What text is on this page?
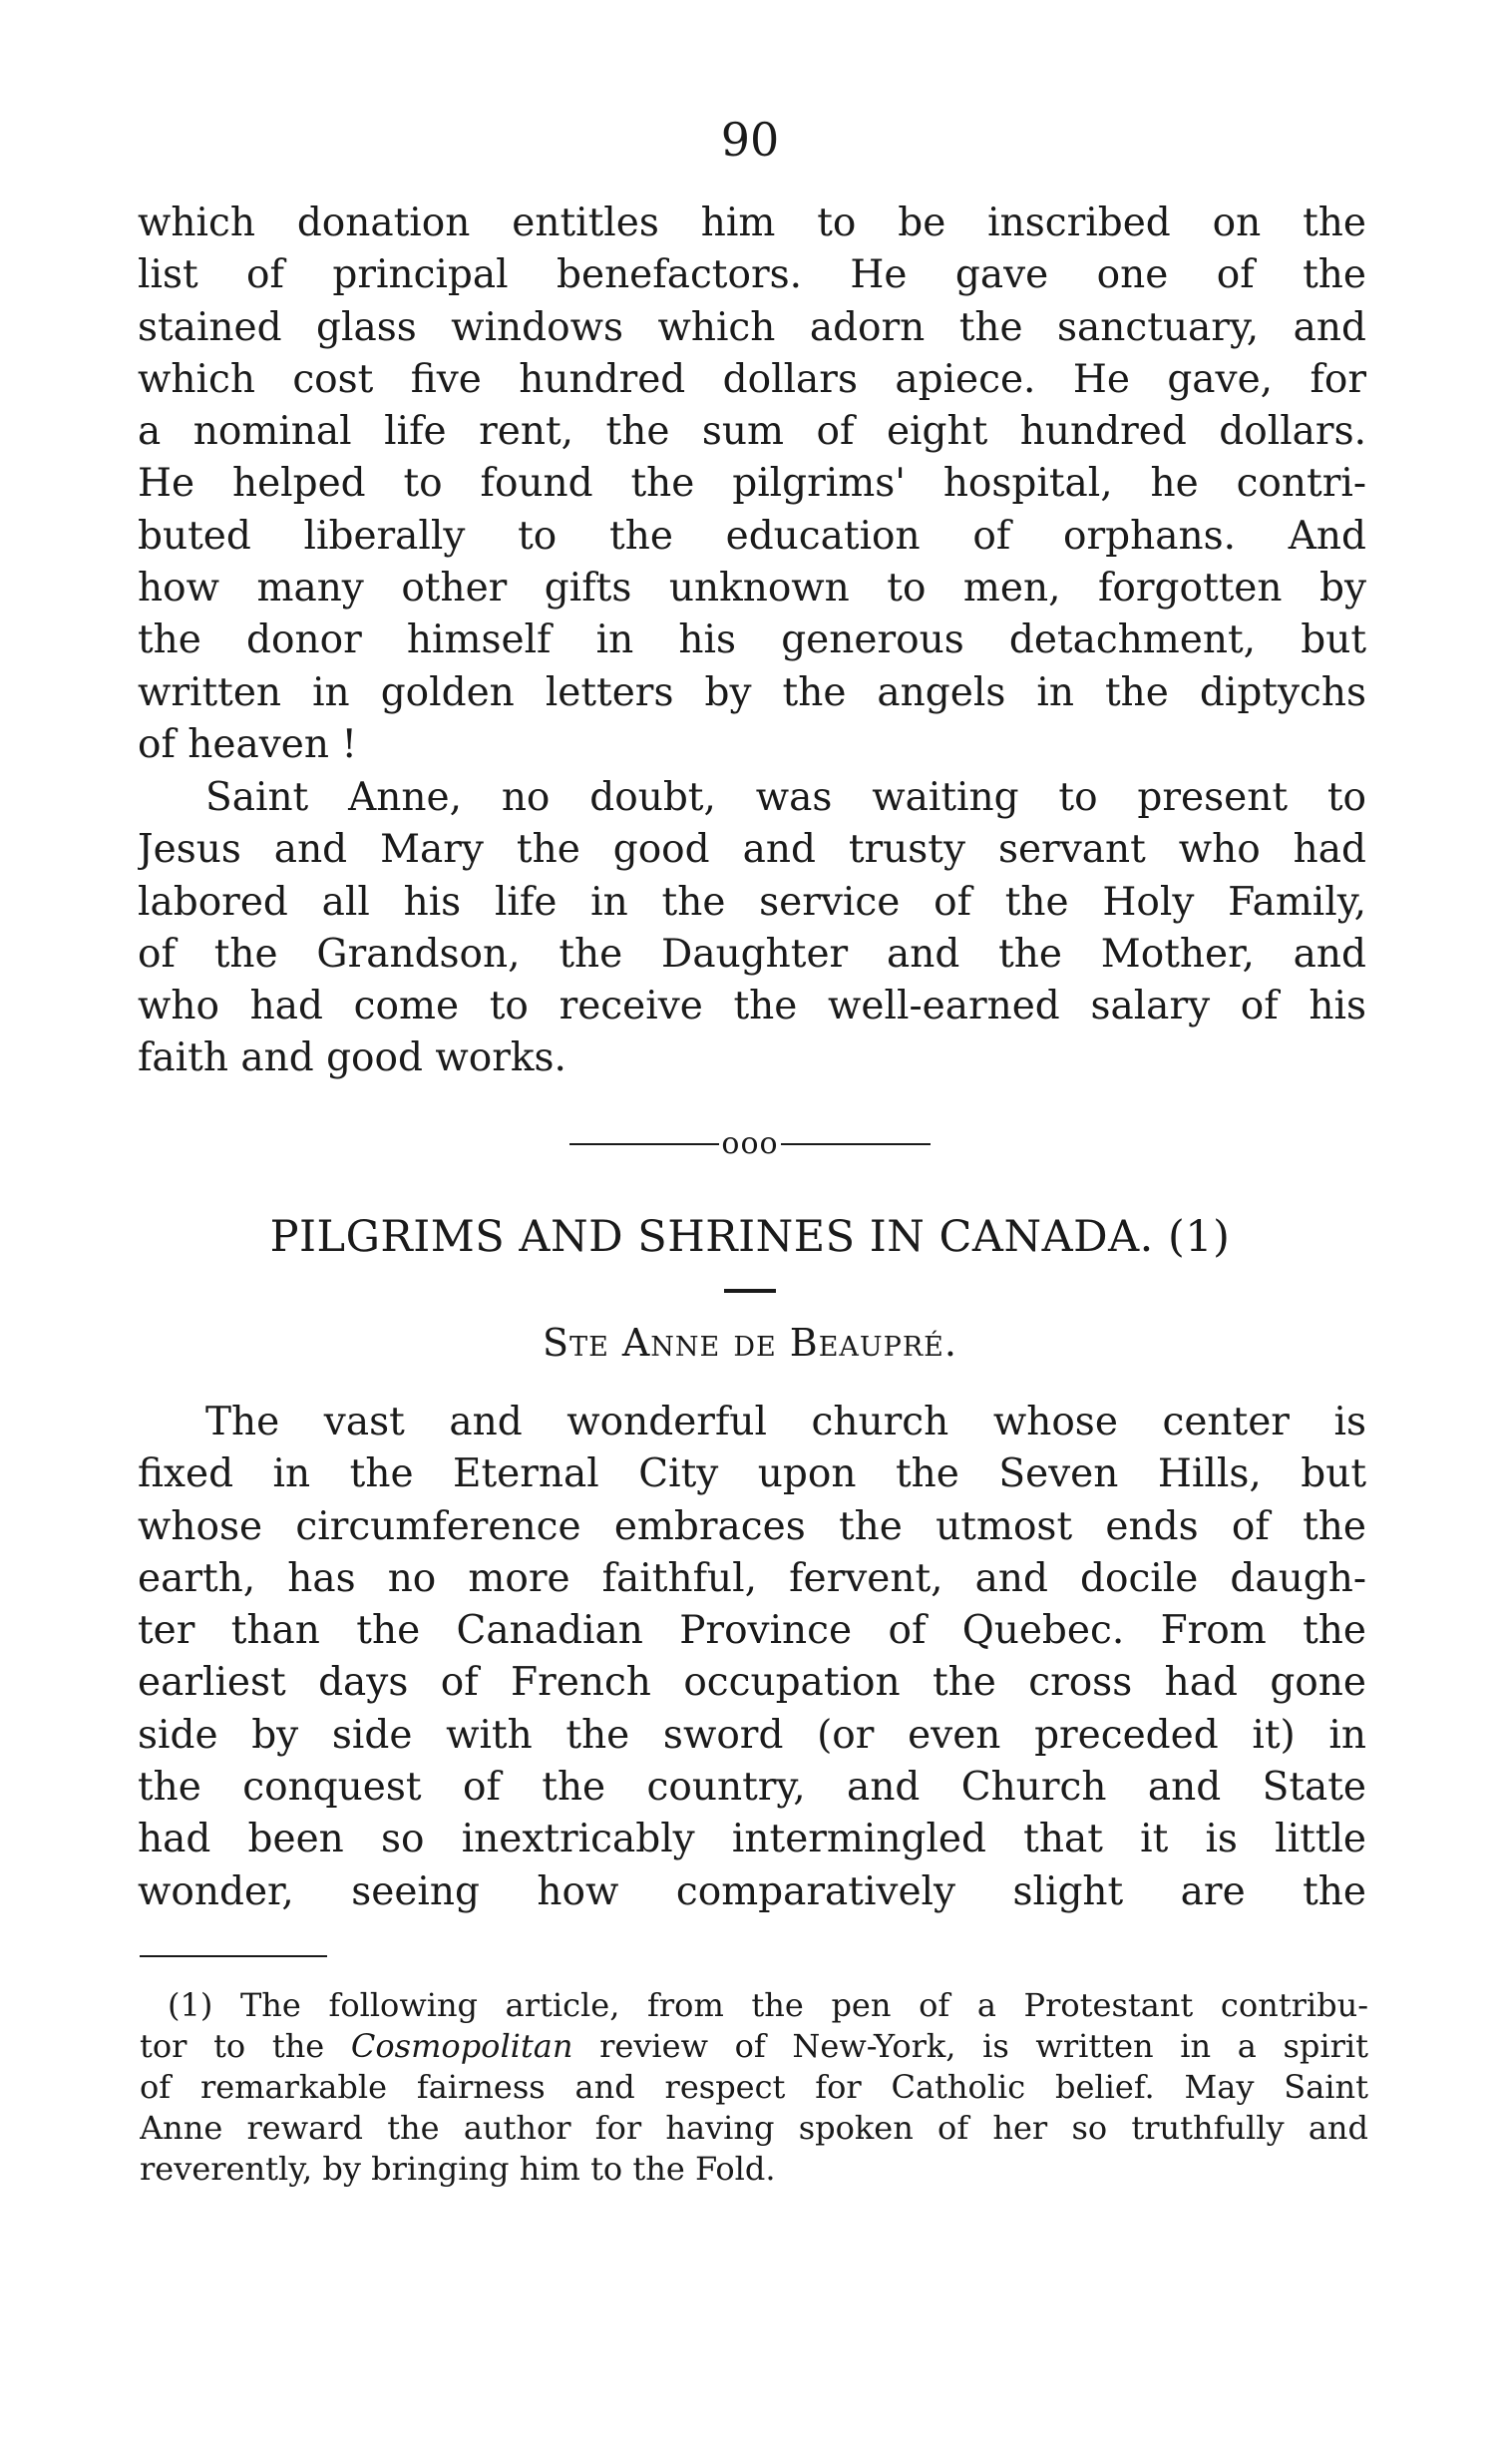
90
which donation entitles him to be inscribed on the
list of principal benefactors. He gave one of the
stained glass windows which adorn the sanctuary, and
which cost five hundred dollars apiece. He gave, for
a nominal life rent, the sum of eight hundred dollars.
He helped to found the pilgrims' hospital, he contri-
buted liberally to the education of orphans. And
how many other gifts unknown to men, forgotten by
the donor himself in his generous detachment, but
written in golden letters by the angels in the diptychs
of heaven !
Saint Anne, no doubt, was waiting to present to
Jesus and Mary the good and trusty servant who had
labored all his life in the service of the Holy Family,
of the Grandson, the Daughter and the Mother, and
who had come to receive the well-earned salary of his
faith and good works.
ooo
PILGRIMS AND SHRINES IN CANADA. (1)
Ste Anne de Beaupré.
The vast and wonderful church whose center is
fixed in the Eternal City upon the Seven Hills, but
whose circumference embraces the utmost ends of the
earth, has no more faithful, fervent, and docile daugh-
ter than the Canadian Province of Quebec. From the
earliest days of French occupation the cross had gone
side by side with the sword (or even preceded it) in
the conquest of the country, and Church and State
had been so inextricably intermingled that it is little
wonder, seeing how comparatively slight are the
(1) The following article, from the pen of a Protestant contribu-
tor to the Cosmopolitan review of New-York, is written in a spirit
of remarkable fairness and respect for Catholic belief. May Saint
Anne reward the author for having spoken of her so truthfully and
reverently, by bringing him to the Fold.
